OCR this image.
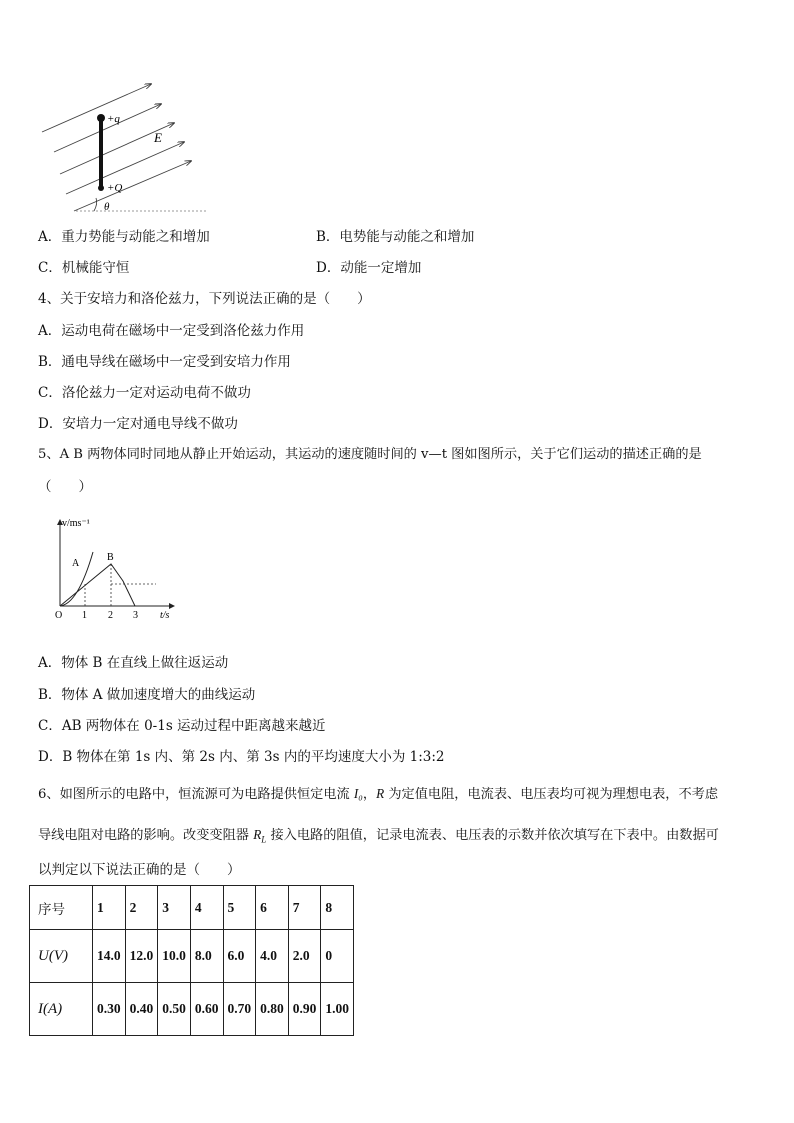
+q
E
+Q
θ
A．重力势能与动能之和增加	B．电势能与动能之和增加
C．机械能守恒	D．动能一定增加
4、关于安培力和洛伦兹力，下列说法正确的是（　　）
A．运动电荷在磁场中一定受到洛伦兹力作用
B．通电导线在磁场中一定受到安培力作用
C．洛伦兹力一定对运动电荷不做功
D．安培力一定对通电导线不做功
5、A B 两物体同时同地从静止开始运动，其运动的速度随时间的 v—t 图如图所示，关于它们运动的描述正确的是
（　　）
v/ms⁻¹
t/s
O 1 2 3
A
B
A．物体 B 在直线上做往返运动
B．物体 A 做加速度增大的曲线运动
C．AB 两物体在 0-1s 运动过程中距离越来越近
D．B 物体在第 1s 内、第 2s 内、第 3s 内的平均速度大小为 1:3:2
6、如图所示的电路中，恒流源可为电路提供恒定电流 I₀，R 为定值电阻，电流表、电压表均可视为理想电表，不考虑
导线电阻对电路的影响。改变变阻器 $R_L$ 接入电路的阻值，记录电流表、电压表的示数并依次填写在下表中。由数据可
以判定以下说法正确的是（　　）
序号	1	2	3	4	5	6	7	8
U(V)	14.0	12.0	10.0	8.0	6.0	4.0	2.0	0
I(A)	0.30	0.40	0.50	0.60	0.70	0.80	0.90	1.00
